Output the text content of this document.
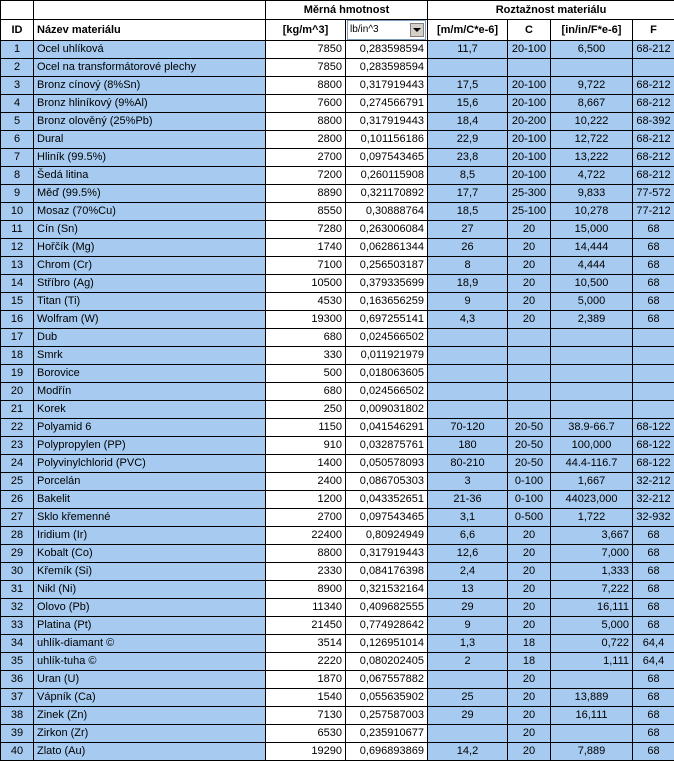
		Měrná hmotnost		Roztažnost materiálu			
ID	Název materiálu	[kg/m^3]	lb/in^3	[m/m/C*e-6]	C	[in/in/F*e-6]	F
1	Ocel uhlíková	7850	0,283598594	11,7	20-100	6,500	68-212
2	Ocel na transformátorové plechy	7850	0,283598594				
3	Bronz cínový (8%Sn)	8800	0,317919443	17,5	20-100	9,722	68-212
4	Bronz hliníkový (9%Al)	7600	0,274566791	15,6	20-100	8,667	68-212
5	Bronz olověný (25%Pb)	8800	0,317919443	18,4	20-200	10,222	68-392
6	Dural	2800	0,101156186	22,9	20-100	12,722	68-212
7	Hliník (99.5%)	2700	0,097543465	23,8	20-100	13,222	68-212
8	Šedá litina	7200	0,260115908	8,5	20-100	4,722	68-212
9	Měď (99.5%)	8890	0,321170892	17,7	25-300	9,833	77-572
10	Mosaz (70%Cu)	8550	0,30888764	18,5	25-100	10,278	77-212
11	Cín (Sn)	7280	0,263006084	27	20	15,000	68
12	Hořčík (Mg)	1740	0,062861344	26	20	14,444	68
13	Chrom (Cr)	7100	0,256503187	8	20	4,444	68
14	Stříbro (Ag)	10500	0,379335699	18,9	20	10,500	68
15	Titan (Ti)	4530	0,163656259	9	20	5,000	68
16	Wolfram (W)	19300	0,697255141	4,3	20	2,389	68
17	Dub	680	0,024566502				
18	Smrk	330	0,011921979				
19	Borovice	500	0,018063605				
20	Modřín	680	0,024566502				
21	Korek	250	0,009031802				
22	Polyamid 6	1150	0,041546291	70-120	20-50	38.9-66.7	68-122
23	Polypropylen (PP)	910	0,032875761	180	20-50	100,000	68-122
24	Polyvinylchlorid (PVC)	1400	0,050578093	80-210	20-50	44.4-116.7	68-122
25	Porcelán	2400	0,086705303	3	0-100	1,667	32-212
26	Bakelit	1200	0,043352651	21-36	0-100	44023,000	32-212
27	Sklo křemenné	2700	0,097543465	3,1	0-500	1,722	32-932
28	Iridium (Ir)	22400	0,80924949	6,6	20	3,667	68
29	Kobalt (Co)	8800	0,317919443	12,6	20	7,000	68
30	Křemík (Si)	2330	0,084176398	2,4	20	1,333	68
31	Nikl (Ni)	8900	0,321532164	13	20	7,222	68
32	Olovo (Pb)	11340	0,409682555	29	20	16,111	68
33	Platina (Pt)	21450	0,774928642	9	20	5,000	68
34	uhlík-diamant ©	3514	0,126951014	1,3	18	0,722	64,4
35	uhlík-tuha ©	2220	0,080202405	2	18	1,111	64,4
36	Uran (U)	1870	0,067557882		20		68
37	Vápník (Ca)	1540	0,055635902	25	20	13,889	68
38	Zinek (Zn)	7130	0,257587003	29	20	16,111	68
39	Zirkon (Zr)	6530	0,235910677		20		68
40	Zlato (Au)	19290	0,696893869	14,2	20	7,889	68
